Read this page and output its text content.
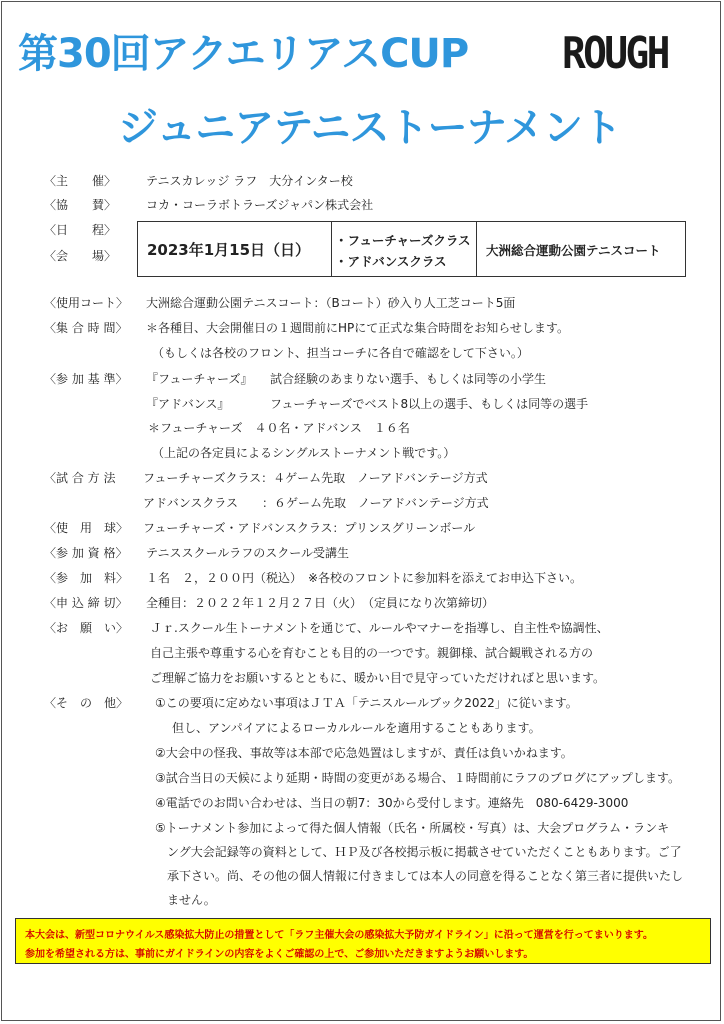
第30回アクエリアスCUP ROUGH
ジュニアテニストーナメント
〈主　　催〉 テニスカレッジ ラフ　大分インター校
〈協　　賛〉 コカ・コーラボトラーズジャパン株式会社
〈日　　程〉
〈会　　場〉 2023年1月15日（日）
・フューチャーズクラス
・アドバンスクラス
大洲総合運動公園テニスコート
〈使用コート〉 大洲総合運動公園テニスコート：（Bコート）砂入り人工芝コート5面
〈集 合 時 間〉 ＊各種目、大会開催日の１週間前にHPにて正式な集合時間をお知らせします。
（もしくは各校のフロント、担当コーチに各自で確認をして下さい。）
〈参 加 基 準〉 『フューチャーズ』 試合経験のあまりない選手、もしくは同等の小学生
『アドバンス』	フューチャーズでベスト8以上の選手、もしくは同等の選手
＊フューチャーズ　４０名・アドバンス　１６名
（上記の各定員によるシングルストーナメント戦です。）
〈試 合 方 法 フューチャーズクラス：４ゲーム先取　ノーアドバンテージ方式
アドバンスクラス　　：６ゲーム先取　ノーアドバンテージ方式
〈使　用　球〉 フューチャーズ・アドバンスクラス：プリンスグリーンボール
〈参 加 資 格〉 テニススクールラフのスクール受講生
〈参　加　料〉 １名　２，２００円（税込）　※各校のフロントに参加料を添えてお申込下さい。
〈申 込 締 切〉 全種目：２０２２年１２月２７日（火）　（定員になり次第締切）
〈お　願　い〉 Ｊｒ.スクール生トーナメントを通じて、ルールやマナーを指導し、自主性や協調性、
自己主張や尊重する心を育むことも目的の一つです。親御様、試合観戦される方の
ご理解ご協力をお願いするとともに、暖かい目で見守っていただければと思います。
〈そ　の　他〉 ①この要項に定めない事項はＪＴＡ「テニスルールブック2022」に従います。
但し、アンパイアによるローカルルールを適用することもあります。
②大会中の怪我、事故等は本部で応急処置はしますが、責任は負いかねます。
③試合当日の天候により延期・時間の変更がある場合、１時間前にラフのブログにアップします。
④電話でのお問い合わせは、当日の朝7：30から受付します。連絡先　080-6429-3000
⑤トーナメント参加によって得た個人情報（氏名・所属校・写真）は、大会プログラム・ランキ
ング大会記録等の資料として、ＨＰ及び各校掲示板に掲載させていただくこともあります。ご了
承下さい。尚、その他の個人情報に付きましては本人の同意を得ることなく第三者に提供いたし
ません。
本大会は、新型コロナウイルス感染拡大防止の措置として「ラフ主催大会の感染拡大予防ガイドライン」に沿って運営を行ってまいります。
参加を希望される方は、事前にガイドラインの内容をよくご確認の上で、ご参加いただきますようお願いします。
